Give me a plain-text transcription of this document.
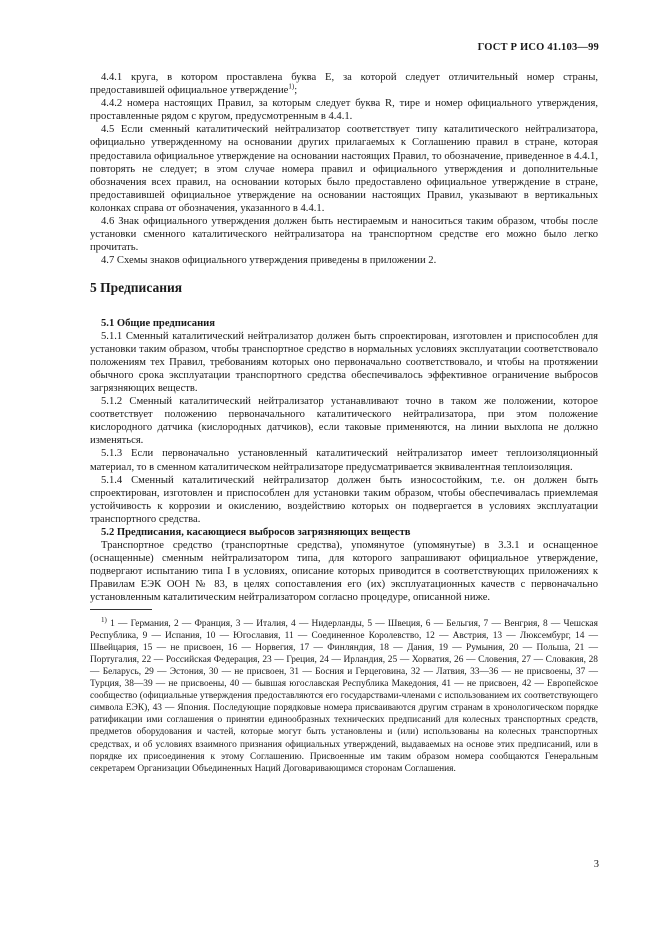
ГОСТ Р ИСО 41.103—99

4.4.1 круга, в котором проставлена буква Е, за которой следует отличительный номер страны, предоставившей официальное утверждение$^{1)}$;

4.4.2 номера настоящих Правил, за которым следует буква R, тире и номер официального утверждения, проставленные рядом с кругом, предусмотренным в 4.4.1.

4.5 Если сменный каталитический нейтрализатор соответствует типу каталитического нейтрализатора, официально утвержденному на основании других прилагаемых к Соглашению правил в стране, которая предоставила официальное утверждение на основании настоящих Правил, то обозначение, приведенное в 4.4.1, повторять не следует; в этом случае номера правил и официального утверждения и дополнительные обозначения всех правил, на основании которых было предоставлено официальное утверждение в стране, предоставившей официальное утверждение на основании настоящих Правил, указывают в вертикальных колонках справа от обозначения, указанного в 4.4.1.

4.6 Знак официального утверждения должен быть нестираемым и наноситься таким образом, чтобы после установки сменного каталитического нейтрализатора на транспортном средстве его можно было легко прочитать.

4.7 Схемы знаков официального утверждения приведены в приложении 2.

5 Предписания

5.1 Общие предписания

5.1.1 Сменный каталитический нейтрализатор должен быть спроектирован, изготовлен и приспособлен для установки таким образом, чтобы транспортное средство в нормальных условиях эксплуатации соответствовало положениям тех Правил, требованиям которых оно первоначально соответствовало, и чтобы на протяжении обычного срока эксплуатации транспортного средства обеспечивалось эффективное ограничение выбросов загрязняющих веществ.

5.1.2 Сменный каталитический нейтрализатор устанавливают точно в таком же положении, которое соответствует положению первоначального каталитического нейтрализатора, при этом положение кислородного датчика (кислородных датчиков), если таковые применяются, на линии выхлопа не должно изменяться.

5.1.3 Если первоначально установленный каталитический нейтрализатор имеет теплоизоляционный материал, то в сменном каталитическом нейтрализаторе предусматривается эквивалентная теплоизоляция.

5.1.4 Сменный каталитический нейтрализатор должен быть износостойким, т.е. он должен быть спроектирован, изготовлен и приспособлен для установки таким образом, чтобы обеспечивалась приемлемая устойчивость к коррозии и окислению, воздействию которых он подвергается в условиях эксплуатации транспортного средства.

5.2 Предписания, касающиеся выбросов загрязняющих веществ

Транспортное средство (транспортные средства), упомянутое (упомянутые) в 3.3.1 и оснащенное (оснащенные) сменным нейтрализатором типа, для которого запрашивают официальное утверждение, подвергают испытанию типа I в условиях, описание которых приводится в соответствующих приложениях к Правилам ЕЭК ООН № 83, в целях сопоставления его (их) эксплуатационных качеств с первоначально установленным каталитическим нейтрализатором согласно процедуре, описанной ниже.

$^{1)}$ 1 — Германия, 2 — Франция, 3 — Италия, 4 — Нидерланды, 5 — Швеция, 6 — Бельгия, 7 — Венгрия, 8 — Чешская Республика, 9 — Испания, 10 — Югославия, 11 — Соединенное Королевство, 12 — Австрия, 13 — Люксембург, 14 — Швейцария, 15 — не присвоен, 16 — Норвегия, 17 — Финляндия, 18 — Дания, 19 — Румыния, 20 — Польша, 21 — Португалия, 22 — Российская Федерация, 23 — Греция, 24 — Ирландия, 25 — Хорватия, 26 — Словения, 27 — Словакия, 28 — Беларусь, 29 — Эстония, 30 — не присвоен, 31 — Босния и Герцеговина, 32 — Латвия, 33—36 — не присвоены, 37 — Турция, 38—39 — не присвоены, 40 — бывшая югославская Республика Македония, 41 — не присвоен, 42 — Европейское сообщество (официальные утверждения предоставляются его государствами-членами с использованием их соответствующего символа ЕЭК), 43 — Япония. Последующие порядковые номера присваиваются другим странам в хронологическом порядке ратификации ими соглашения о принятии единообразных технических предписаний для колесных транспортных средств, предметов оборудования и частей, которые могут быть установлены и (или) использованы на колесных транспортных средствах, и об условиях взаимного признания официальных утверждений, выдаваемых на основе этих предписаний, или в порядке их присоединения к этому Соглашению. Присвоенные им таким образом номера сообщаются Генеральным секретарем Организации Объединенных Наций Договаривающимся сторонам Соглашения.

3
